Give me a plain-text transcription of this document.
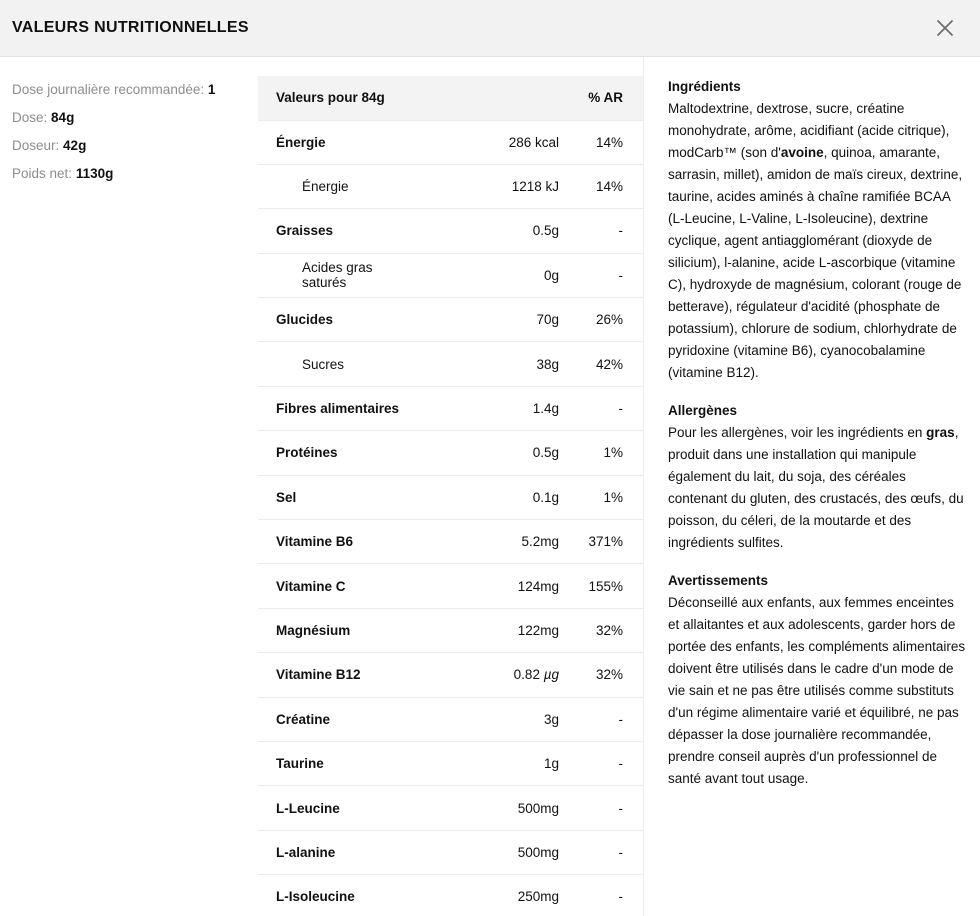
VALEURS NUTRITIONNELLES
Dose journalière recommandée: 1
Dose: 84g
Doseur: 42g
Poids net: 1130g
Valeurs pour 84g		% AR
Énergie	286 kcal	14%
Énergie	1218 kJ	14%
Graisses	0.5g	-
Acides gras saturés	0g	-
Glucides	70g	26%
Sucres	38g	42%
Fibres alimentaires	1.4g	-
Protéines	0.5g	1%
Sel	0.1g	1%
Vitamine B6	5.2mg	371%
Vitamine C	124mg	155%
Magnésium	122mg	32%
Vitamine B12	0.82 µg	32%
Créatine	3g	-
Taurine	1g	-
L-Leucine	500mg	-
L-alanine	500mg	-
L-Isoleucine	250mg	-
Ingrédients

Maltodextrine, dextrose, sucre, créatine monohydrate, arôme, acidifiant (acide citrique), modCarb™ (son d'avoine, quinoa, amarante, sarrasin, millet), amidon de maïs cireux, dextrine, taurine, acides aminés à chaîne ramifiée BCAA (L-Leucine, L-Valine, L-Isoleucine), dextrine cyclique, agent antiagglomérant (dioxyde de silicium), l-alanine, acide L-ascorbique (vitamine C), hydroxyde de magnésium, colorant (rouge de betterave), régulateur d'acidité (phosphate de potassium), chlorure de sodium, chlorhydrate de pyridoxine (vitamine B6), cyanocobalamine (vitamine B12).

Allergènes

Pour les allergènes, voir les ingrédients en gras, produit dans une installation qui manipule également du lait, du soja, des céréales contenant du gluten, des crustacés, des œufs, du poisson, du céleri, de la moutarde et des ingrédients sulfites.

Avertissements

Déconseillé aux enfants, aux femmes enceintes et allaitantes et aux adolescents, garder hors de portée des enfants, les compléments alimentaires doivent être utilisés dans le cadre d'un mode de vie sain et ne pas être utilisés comme substituts d'un régime alimentaire varié et équilibré, ne pas dépasser la dose journalière recommandée, prendre conseil auprès d'un professionnel de santé avant tout usage.
